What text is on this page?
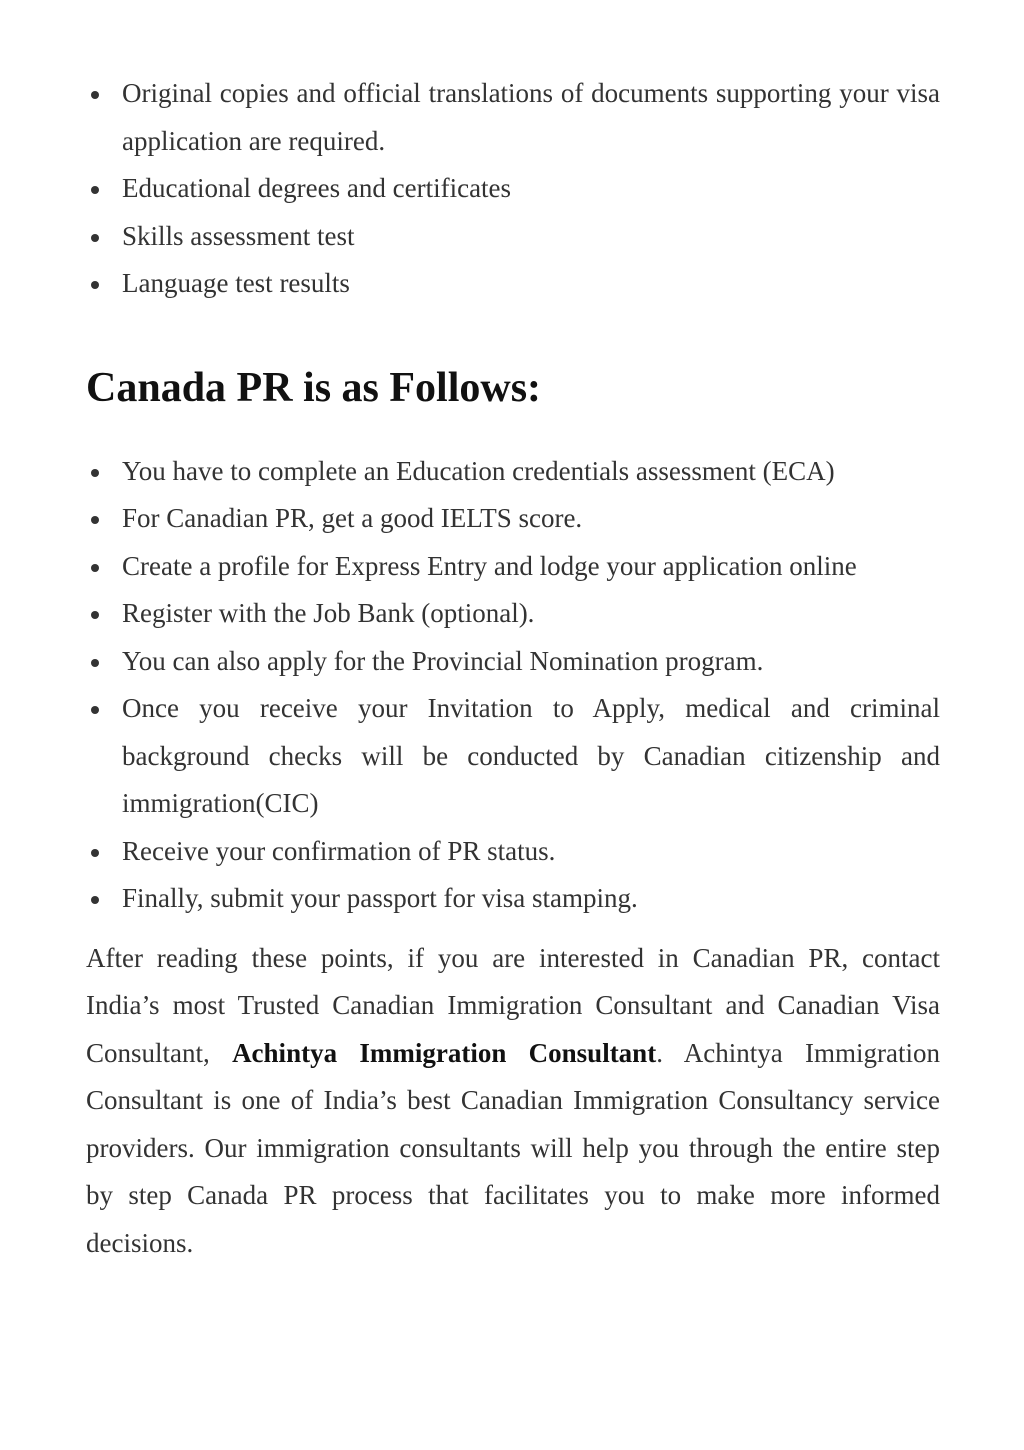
Original copies and official translations of documents supporting your visa application are required.
Educational degrees and certificates
Skills assessment test
Language test results
Canada PR is as Follows:
You have to complete an Education credentials assessment (ECA)
For Canadian PR, get a good IELTS score.
Create a profile for Express Entry and lodge your application online
Register with the Job Bank (optional).
You can also apply for the Provincial Nomination program.
Once you receive your Invitation to Apply, medical and criminal background checks will be conducted by Canadian citizenship and immigration(CIC)
Receive your confirmation of PR status.
Finally, submit your passport for visa stamping.

After reading these points, if you are interested in Canadian PR, contact India’s most Trusted Canadian Immigration Consultant and Canadian Visa Consultant, Achintya Immigration Consultant. Achintya Immigration Consultant is one of India’s best Canadian Immigration Consultancy service providers. Our immigration consultants will help you through the entire step by step Canada PR process that facilitates you to make more informed decisions.
